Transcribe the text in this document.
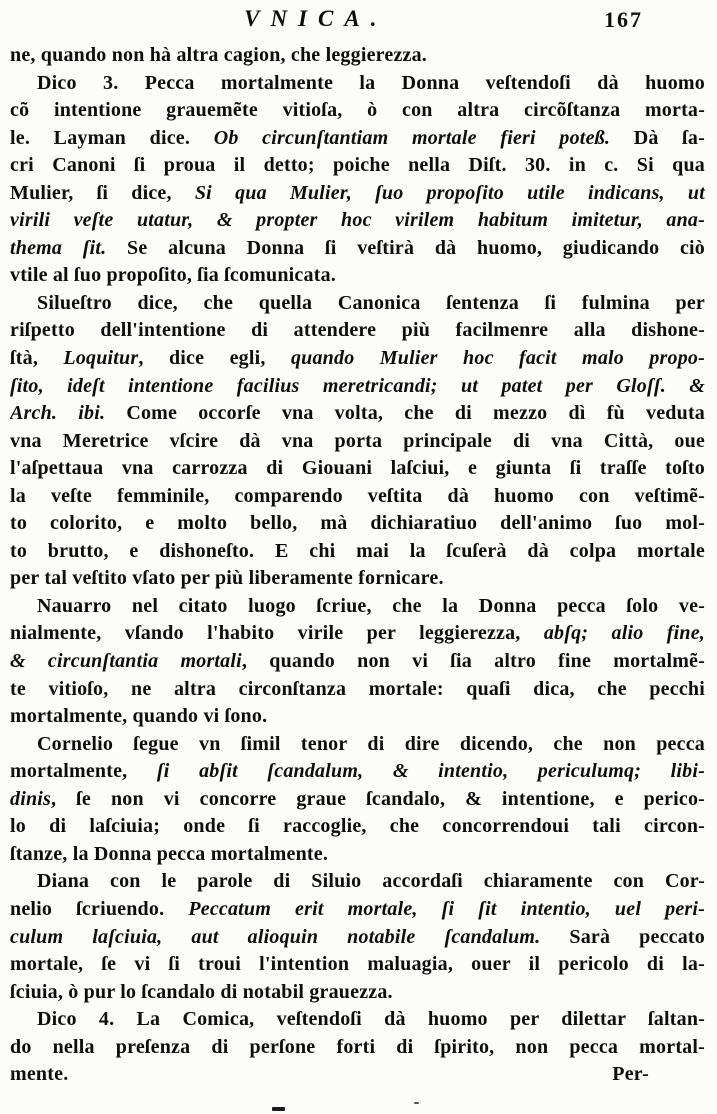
VNICA.	167
ne, quando non hà altra cagion, che leggierezza.
Dico 3. Pecca mortalmente la Donna veſtendoſi dà huomo
cõ intentione grauemẽte vitioſa, ò con altra circõſtanza morta-
le. Layman dice. Ob circunſtantiam mortale fieri poteß. Dà ſa-
cri Canoni ſi proua il detto; poiche nella Diſt. 30. in c. Si qua
Mulier, ſi dice, Si qua Mulier, ſuo propoſito utile indicans, ut
virili veſte utatur, & propter hoc virilem habitum imitetur, ana-
thema ſit. Se alcuna Donna ſi veſtirà dà huomo, giudicando ciò
vtile al ſuo propoſito, ſia ſcomunicata.
Silueſtro dice, che quella Canonica ſentenza ſi fulmina per
riſpetto dell'intentione di attendere più facilmenre alla dishone-
ſtà, Loquitur, dice egli, quando Mulier hoc facit malo propo-
ſito, ideſt intentione facilius meretricandi; ut patet per Gloſſ. &
Arch. ibi. Come occorſe vna volta, che di mezzo dì fù veduta
vna Meretrice vſcire dà vna porta principale di vna Città, oue
l'aſpettaua vna carrozza di Giouani laſciui, e giunta ſi traſſe toſto
la veſte femminile, comparendo veſtita dà huomo con veſtimẽ-
to colorito, e molto bello, mà dichiaratiuo dell'animo ſuo mol-
to brutto, e dishoneſto. E chi mai la ſcuſerà dà colpa mortale
per tal veſtito vſato per più liberamente fornicare.
Nauarro nel citato luogo ſcriue, che la Donna pecca ſolo ve-
nialmente, vſando l'habito virile per leggierezza, abſq; alio fine,
& circunſtantia mortali, quando non vi ſia altro fine mortalmẽ-
te vitioſo, ne altra circonſtanza mortale: quaſi dica, che pecchi
mortalmente, quando vi ſono.
Cornelio ſegue vn ſimil tenor di dire dicendo, che non pecca
mortalmente, ſi abſit ſcandalum, & intentio, periculumq; libi-
dinis, ſe non vi concorre graue ſcandalo, & intentione, e perico-
lo di laſciuia; onde ſi raccoglie, che concorrendoui tali circon-
ſtanze, la Donna pecca mortalmente.
Diana con le parole di Siluio accordaſi chiaramente con Cor-
nelio ſcriuendo. Peccatum erit mortale, ſi ſit intentio, uel peri-
culum laſciuia, aut alioquin notabile ſcandalum. Sarà peccato
mortale, ſe vi ſi troui l'intention maluagia, ouer il pericolo di la-
ſciuia, ò pur lo ſcandalo di notabil grauezza.
Dico 4. La Comica, veſtendoſi dà huomo per dilettar ſaltan-
do nella preſenza di perſone forti di ſpirito, non pecca mortal-
mente.	Per-
